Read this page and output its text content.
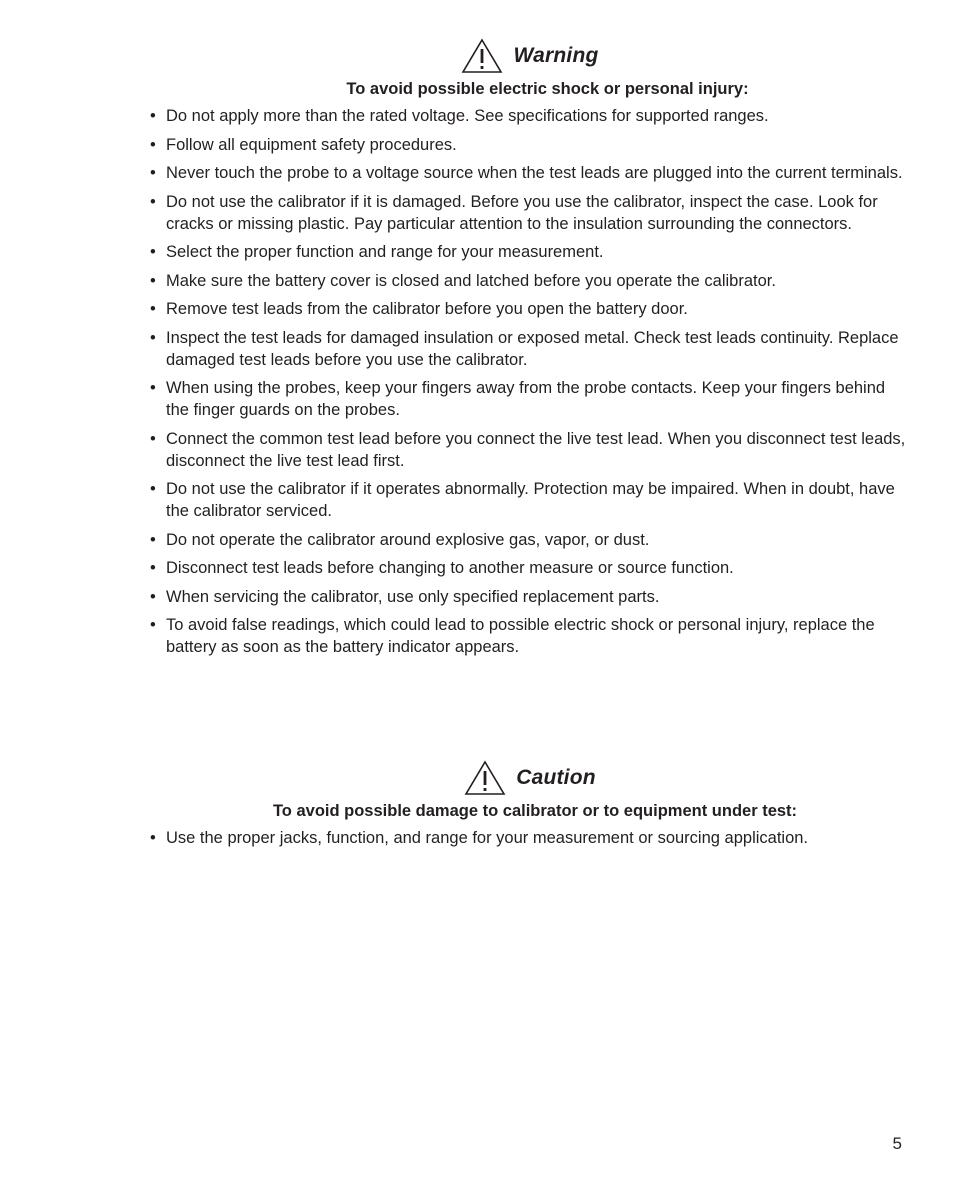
Warning
To avoid possible electric shock or personal injury:
• Do not apply more than the rated voltage. See specifications for supported ranges.
• Follow all equipment safety procedures.
• Never touch the probe to a voltage source when the test leads are plugged into the current terminals.
• Do not use the calibrator if it is damaged. Before you use the calibrator, inspect the case. Look for cracks or missing plastic. Pay particular attention to the insulation surrounding the connectors.
• Select the proper function and range for your measurement.
• Make sure the battery cover is closed and latched before you operate the calibrator.
• Remove test leads from the calibrator before you open the battery door.
• Inspect the test leads for damaged insulation or exposed metal. Check test leads continuity. Replace damaged test leads before you use the calibrator.
• When using the probes, keep your fingers away from the probe contacts. Keep your fingers behind the finger guards on the probes.
• Connect the common test lead before you connect the live test lead. When you disconnect test leads, disconnect the live test lead first.
• Do not use the calibrator if it operates abnormally. Protection may be impaired. When in doubt, have the calibrator serviced.
• Do not operate the calibrator around explosive gas, vapor, or dust.
• Disconnect test leads before changing to another measure or source function.
• When servicing the calibrator, use only specified replacement parts.
• To avoid false readings, which could lead to possible electric shock or personal injury, replace the battery as soon as the battery indicator appears.
Caution
To avoid possible damage to calibrator or to equipment under test:
• Use the proper jacks, function, and range for your measurement or sourcing application.
5
